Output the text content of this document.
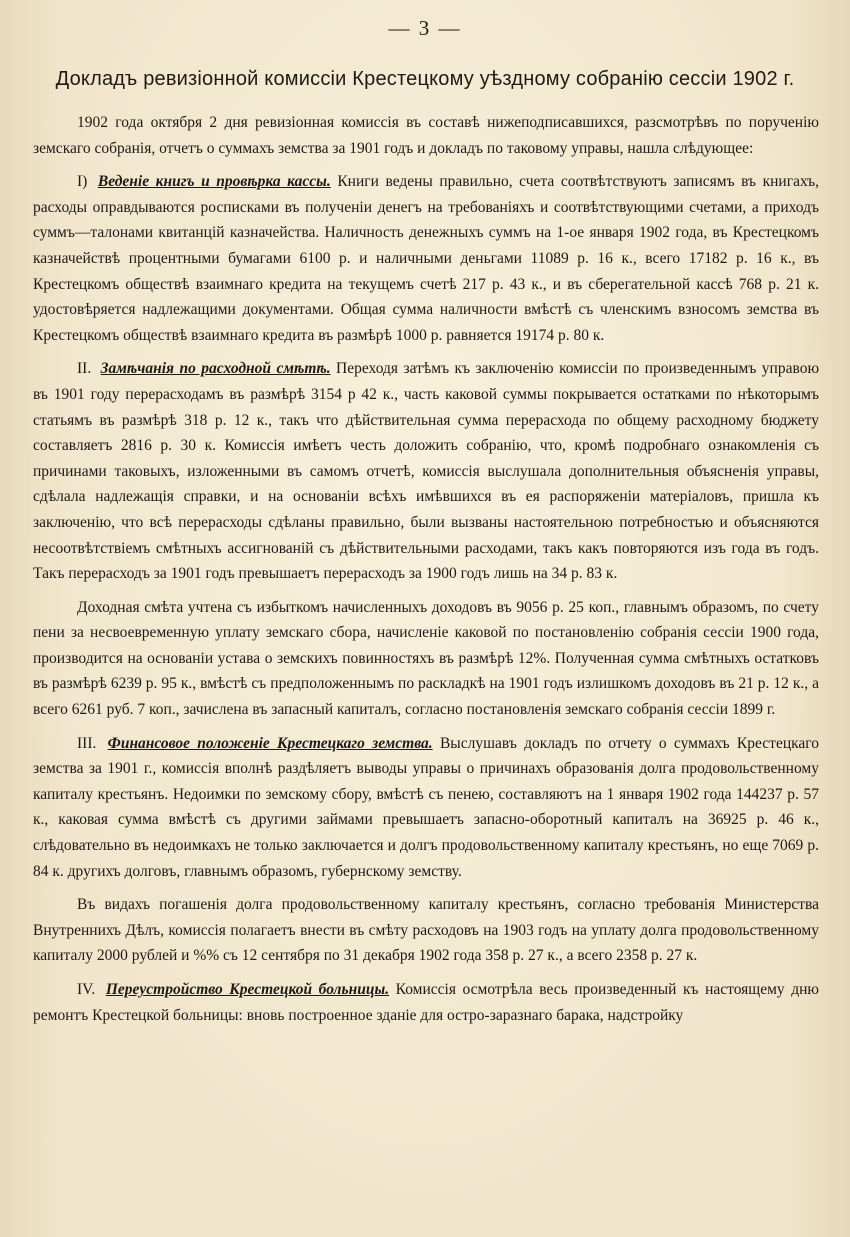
— 3 —
Докладъ ревизіонной комиссіи Крестецкому уѣздному собранію сессіи 1902 г.

1902 года октября 2 дня ревизіонная комиссія въ составѣ нижеподписавшихся, разсмотрѣвъ по порученію земскаго собранія, отчетъ о суммахъ земства за 1901 годъ и докладъ по таковому управы, нашла слѣдующее:

I) Веденіе книгъ и провѣрка кассы. Книги ведены правильно, счета соотвѣтствуютъ записямъ въ книгахъ, расходы оправдываются росписками въ полученіи денегъ на требованіяхъ и соотвѣтствующими счетами, а приходъ суммъ—талонами квитанцій казначейства. Наличность денежныхъ суммъ на 1-ое января 1902 года, въ Крестецкомъ казначействѣ процентными бумагами 6100 р. и наличными деньгами 11089 р. 16 к., всего 17182 р. 16 к., въ Крестецкомъ обществѣ взаимнаго кредита на текущемъ счетѣ 217 р. 43 к., и въ сберегательной кассѣ 768 р. 21 к. удостовѣряется надлежащими документами. Общая сумма наличности вмѣстѣ съ членскимъ взносомъ земства въ Крестецкомъ обществѣ взаимнаго кредита въ размѣрѣ 1000 р. равняется 19174 р. 80 к.

II. Замѣчанія по расходной смѣтѣ. Переходя затѣмъ къ заключенію комиссіи по произведеннымъ управою въ 1901 году перерасходамъ въ размѣрѣ 3154 р 42 к., часть каковой суммы покрывается остатками по нѣкоторымъ статьямъ въ размѣрѣ 318 р. 12 к., такъ что дѣйствительная сумма перерасхода по общему расходному бюджету составляетъ 2816 р. 30 к. Комиссія имѣетъ честь доложить собранію, что, кромѣ подробнаго ознакомленія съ причинами таковыхъ, изложенными въ самомъ отчетѣ, комиссія выслушала дополнительныя объясненія управы, сдѣлала надлежащія справки, и на основаніи всѣхъ имѣвшихся въ ея распоряженіи матеріаловъ, пришла къ заключенію, что всѣ перерасходы сдѣланы правильно, были вызваны настоятельною потребностью и объясняются несоотвѣтствіемъ смѣтныхъ ассигнованій съ дѣйствительными расходами, такъ какъ повторяются изъ года въ годъ. Такъ перерасходъ за 1901 годъ превышаетъ перерасходъ за 1900 годъ лишь на 34 р. 83 к.

Доходная смѣта учтена съ избыткомъ начисленныхъ доходовъ въ 9056 р. 25 коп., главнымъ образомъ, по счету пени за несвоевременную уплату земскаго сбора, начисленіе каковой по постановленію собранія сессіи 1900 года, производится на основаніи устава о земскихъ повинностяхъ въ размѣрѣ 12%. Полученная сумма смѣтныхъ остатковъ въ размѣрѣ 6239 р. 95 к., вмѣстѣ съ предположеннымъ по раскладкѣ на 1901 годъ излишкомъ доходовъ въ 21 р. 12 к., а всего 6261 руб. 7 коп., зачислена въ запасный капиталъ, согласно постановленія земскаго собранія сессіи 1899 г.

III. Финансовое положеніе Крестецкаго земства. Выслушавъ докладъ по отчету о суммахъ Крестецкаго земства за 1901 г., комиссія вполнѣ раздѣляетъ выводы управы о причинахъ образованія долга продовольственному капиталу крестьянъ. Недоимки по земскому сбору, вмѣстѣ съ пенею, составляютъ на 1 января 1902 года 144237 р. 57 к., каковая сумма вмѣстѣ съ другими займами превышаетъ запасно-оборотный капиталъ на 36925 р. 46 к., слѣдовательно въ недоимкахъ не только заключается и долгъ продовольственному капиталу крестьянъ, но еще 7069 р. 84 к. другихъ долговъ, главнымъ образомъ, губернскому земству.

Въ видахъ погашенія долга продовольственному капиталу крестьянъ, согласно требованія Министерства Внутреннихъ Дѣлъ, комиссія полагаетъ внести въ смѣту расходовъ на 1903 годъ на уплату долга продовольственному капиталу 2000 рублей и %% съ 12 сентября по 31 декабря 1902 года 358 р. 27 к., а всего 2358 р. 27 к.

IV. Переустройство Крестецкой больницы. Комиссія осмотрѣла весь произведенный къ настоящему дню ремонтъ Крестецкой больницы: вновь построенное зданіе для остро-заразнаго барака, надстройку
